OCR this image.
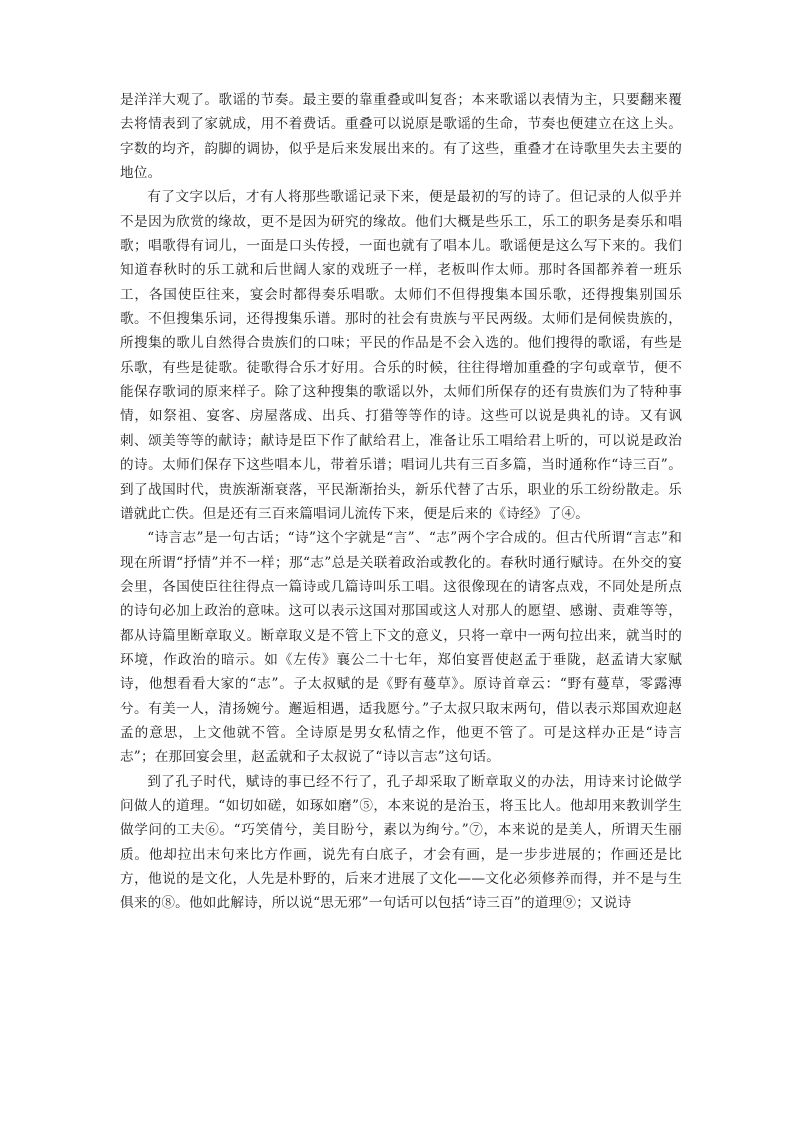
是洋洋大观了。歌谣的节奏。最主要的靠重叠或叫复沓；本来歌谣以表情为主，只要翻来覆去将情表到了家就成，用不着费话。重叠可以说原是歌谣的生命，节奏也便建立在这上头。字数的均齐，韵脚的调协，似乎是后来发展出来的。有了这些，重叠才在诗歌里失去主要的地位。

有了文字以后，才有人将那些歌谣记录下来，便是最初的写的诗了。但记录的人似乎并不是因为欣赏的缘故，更不是因为研究的缘故。他们大概是些乐工，乐工的职务是奏乐和唱歌；唱歌得有词儿，一面是口头传授，一面也就有了唱本儿。歌谣便是这么写下来的。我们知道春秋时的乐工就和后世阔人家的戏班子一样，老板叫作太师。那时各国都养着一班乐工，各国使臣往来，宴会时都得奏乐唱歌。太师们不但得搜集本国乐歌，还得搜集别国乐歌。不但搜集乐词，还得搜集乐谱。那时的社会有贵族与平民两级。太师们是伺候贵族的，所搜集的歌儿自然得合贵族们的口味；平民的作品是不会入选的。他们搜得的歌谣，有些是乐歌，有些是徒歌。徒歌得合乐才好用。合乐的时候，往往得增加重叠的字句或章节，便不能保存歌词的原来样子。除了这种搜集的歌谣以外，太师们所保存的还有贵族们为了特种事情，如祭祖、宴客、房屋落成、出兵、打猎等等作的诗。这些可以说是典礼的诗。又有讽刺、颂美等等的献诗；献诗是臣下作了献给君上，准备让乐工唱给君上听的，可以说是政治的诗。太师们保存下这些唱本儿，带着乐谱；唱词儿共有三百多篇，当时通称作“诗三百”。到了战国时代，贵族渐渐衰落，平民渐渐抬头，新乐代替了古乐，职业的乐工纷纷散走。乐谱就此亡佚。但是还有三百来篇唱词儿流传下来，便是后来的《诗经》了④。

“诗言志”是一句古话；“诗”这个字就是“言”、“志”两个字合成的。但古代所谓“言志”和现在所谓“抒情”并不一样；那“志”总是关联着政治或教化的。春秋时通行赋诗。在外交的宴会里，各国使臣往往得点一篇诗或几篇诗叫乐工唱。这很像现在的请客点戏，不同处是所点的诗句必加上政治的意味。这可以表示这国对那国或这人对那人的愿望、感谢、责难等等，都从诗篇里断章取义。断章取义是不管上下文的意义，只将一章中一两句拉出来，就当时的环境，作政治的暗示。如《左传》襄公二十七年，郑伯宴晋使赵孟于垂陇，赵孟请大家赋诗，他想看看大家的“志”。子太叔赋的是《野有蔓草》。原诗首章云：“野有蔓草，零露漙兮。有美一人，清扬婉兮。邂逅相遇，适我愿兮。”子太叔只取末两句，借以表示郑国欢迎赵孟的意思，上文他就不管。全诗原是男女私情之作，他更不管了。可是这样办正是“诗言志”；在那回宴会里，赵孟就和子太叔说了“诗以言志”这句话。

到了孔子时代，赋诗的事已经不行了，孔子却采取了断章取义的办法，用诗来讨论做学问做人的道理。“如切如磋，如琢如磨”⑤，本来说的是治玉，将玉比人。他却用来教训学生做学问的工夫⑥。“巧笑倩兮，美目盼兮，素以为绚兮。”⑦，本来说的是美人，所谓天生丽质。他却拉出末句来比方作画，说先有白底子，才会有画，是一步步进展的；作画还是比方，他说的是文化，人先是朴野的，后来才进展了文化——文化必须修养而得，并不是与生俱来的⑧。他如此解诗，所以说“思无邪”一句话可以包括“诗三百”的道理⑨；又说诗
